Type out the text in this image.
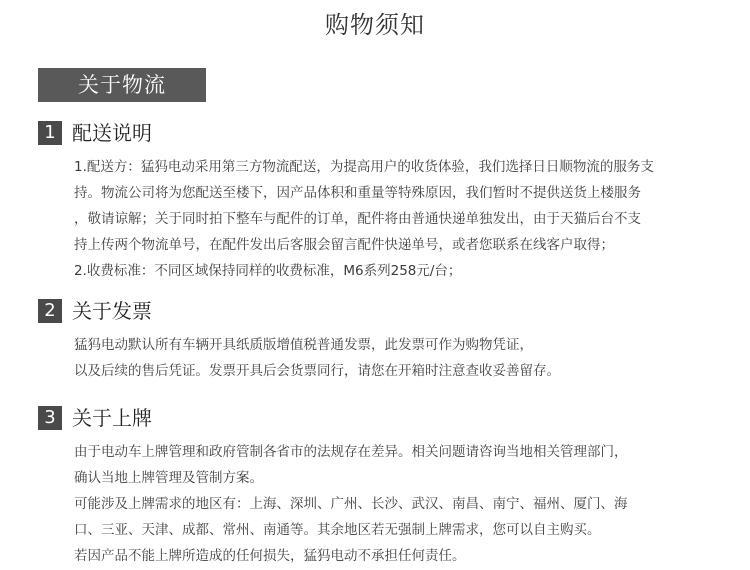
购物须知
关于物流
1 配送说明

1.配送方：猛犸电动采用第三方物流配送，为提高用户的收货体验，我们选择日日顺物流的服务支

持。物流公司将为您配送至楼下，因产品体积和重量等特殊原因，我们暂时不提供送货上楼服务

，敬请谅解；关于同时拍下整车与配件的订单，配件将由普通快递单独发出，由于天猫后台不支

持上传两个物流单号，在配件发出后客服会留言配件快递单号，或者您联系在线客户取得；

2.收费标准：不同区域保持同样的收费标准，M6系列258元/台；

2 关于发票

猛犸电动默认所有车辆开具纸质版增值税普通发票，此发票可作为购物凭证，

以及后续的售后凭证。发票开具后会货票同行，请您在开箱时注意查收妥善留存。

3 关于上牌

由于电动车上牌管理和政府管制各省市的法规存在差异。相关问题请咨询当地相关管理部门，

确认当地上牌管理及管制方案。

可能涉及上牌需求的地区有：上海、深圳、广州、长沙、武汉、南昌、南宁、福州、厦门、海

口、三亚、天津、成都、常州、南通等。其余地区若无强制上牌需求，您可以自主购买。

若因产品不能上牌所造成的任何损失，猛犸电动不承担任何责任。
